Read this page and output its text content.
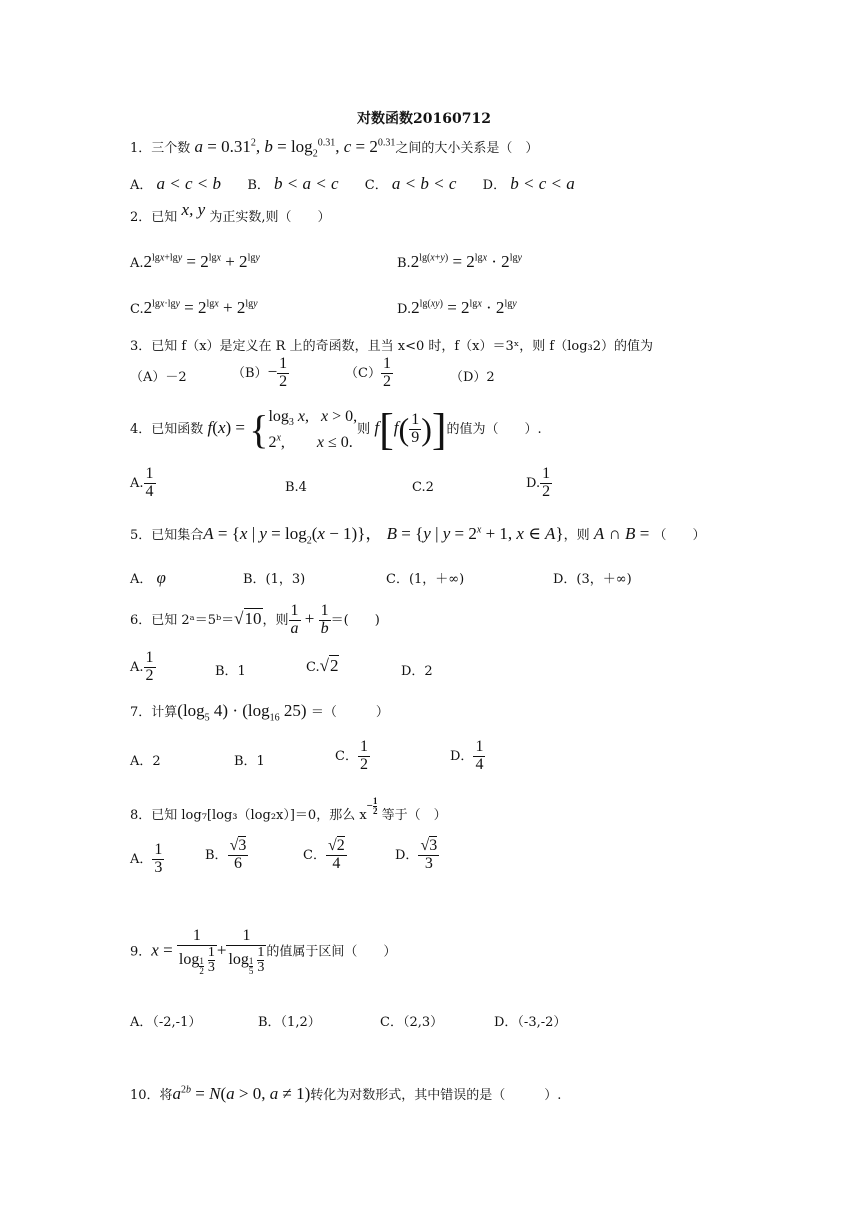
对数函数20160712
1．三个数 $a = 0.31^2$, $b = \log_2^{0.31}$, $c = 2^{0.31}$之间的大小关系是（　）
A． a < c < b B． b < a < c C． a < b < c D． b < c < a
2．已知 x, y 为正实数,则（　　）
$A.2^{lgx+lgy} = 2^{lgx} + 2^{lgy}$	$B.2^{lg(x+y)} = 2^{lgx} \cdot 2^{lgy}$
$C.2^{lgx\cdot lgy} = 2^{lgx} + 2^{lgy}$	$D.2^{lg(xy)} = 2^{lgx} \cdot 2^{lgy}$
3．已知 f（x）是定义在 R 上的奇函数，且当 x<0 时，f（x）＝3ˣ，则 f（log₃2）的值为
（A）－2	$(B)- \frac{1}{2}$	$(C) \frac{1}{2}$	（D）2
4．已知函数 f(x) = { $\log_3 x$,   x > 0,
2$^x$,        x ≤ 0.
则 $f[f( \frac{1}{9}$ )]的值为（　　）.
A. $\frac{1}{4}$	B.4	C.2	D. $\frac{1}{2}$
5．已知集合A = {x | $y = \log_2(x - 1)$}， B = {y | $y = 2^x + 1$, x ∈ A}，则 A ∩ B = （　　）
A． φ	B．(1，3)	C．(1，＋∞)	D．(3，＋∞)
6．已知 2ᵃ＝5ᵇ＝√10，则 $\frac{1}{a} + \frac{1}{b}$ ＝(　　)
A. $\frac{1}{2}$	B．1	C.√2	D．2
7．计算($\log_5$ $4) \cdot (\log_{16}$ 25) ＝（　　　）
A．2	B．1	C． $\frac{1}{2}$	D． $\frac{1}{4}$
8．已知 log₇[log₃（log₂x）]＝0，那么 $x^{- \frac{1}{2}}$ 等于（　）
A． $\frac{1}{3}$	B． $\frac{√3}{6}$	C． $\frac{√2}{4}$	D． $\frac{√3}{3}$
9．x = 1
$\log \frac{1}{2}$
$\frac{1}{3} + 1$
$\log \frac{1}{5}$
$\frac{1}{3}$ 的值属于区间（　　）
A．（-2,-1）	B．（1,2）	C．（2,3）	D．（-3,-2）
10．将$a^{2b} = N(a > 0$, a ≠ 1)转化为对数形式，其中错误的是（　　　）.
